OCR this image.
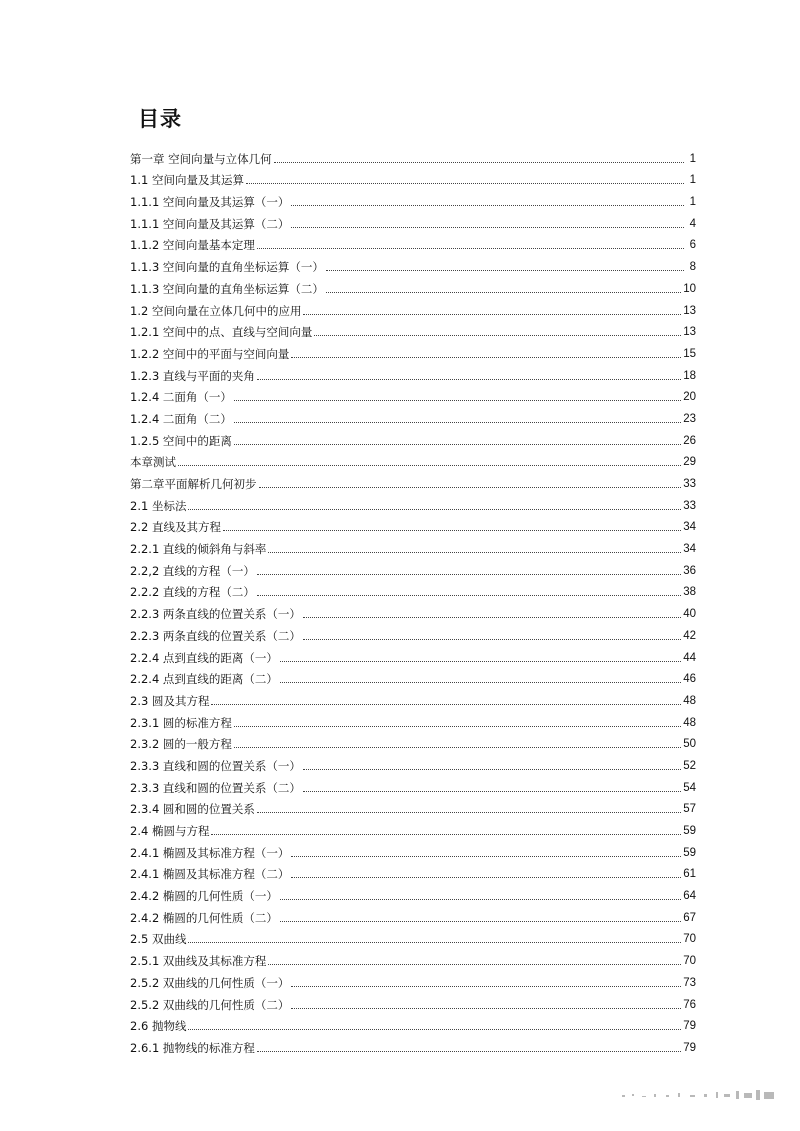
目录
第一章 空间向量与立体几何	1
1.1 空间向量及其运算	1
1.1.1 空间向量及其运算（一）	1
1.1.1 空间向量及其运算（二）	4
1.1.2 空间向量基本定理	6
1.1.3 空间向量的直角坐标运算（一）	8
1.1.3 空间向量的直角坐标运算（二）	10
1.2 空间向量在立体几何中的应用	13
1.2.1 空间中的点、直线与空间向量	13
1.2.2 空间中的平面与空间向量	15
1.2.3 直线与平面的夹角	18
1.2.4 二面角（一）	20
1.2.4 二面角（二）	23
1.2.5 空间中的距离	26
本章测试	29
第二章平面解析几何初步	33
2.1 坐标法	33
2.2 直线及其方程	34
2.2.1 直线的倾斜角与斜率	34
2.2,2 直线的方程（一）	36
2.2.2 直线的方程（二）	38
2.2.3 两条直线的位置关系（一）	40
2.2.3 两条直线的位置关系（二）	42
2.2.4 点到直线的距离（一）	44
2.2.4 点到直线的距离（二）	46
2.3 圆及其方程	48
2.3.1 圆的标准方程	48
2.3.2 圆的一般方程	50
2.3.3 直线和圆的位置关系（一）	52
2.3.3 直线和圆的位置关系（二）	54
2.3.4 圆和圆的位置关系	57
2.4 椭圆与方程	59
2.4.1 椭圆及其标准方程（一）	59
2.4.1 椭圆及其标准方程（二）	61
2.4.2 椭圆的几何性质（一）	64
2.4.2 椭圆的几何性质（二）	67
2.5 双曲线	70
2.5.1 双曲线及其标准方程	70
2.5.2 双曲线的几何性质（一）	73
2.5.2 双曲线的几何性质（二）	76
2.6 抛物线	79
2.6.1 抛物线的标准方程	79
